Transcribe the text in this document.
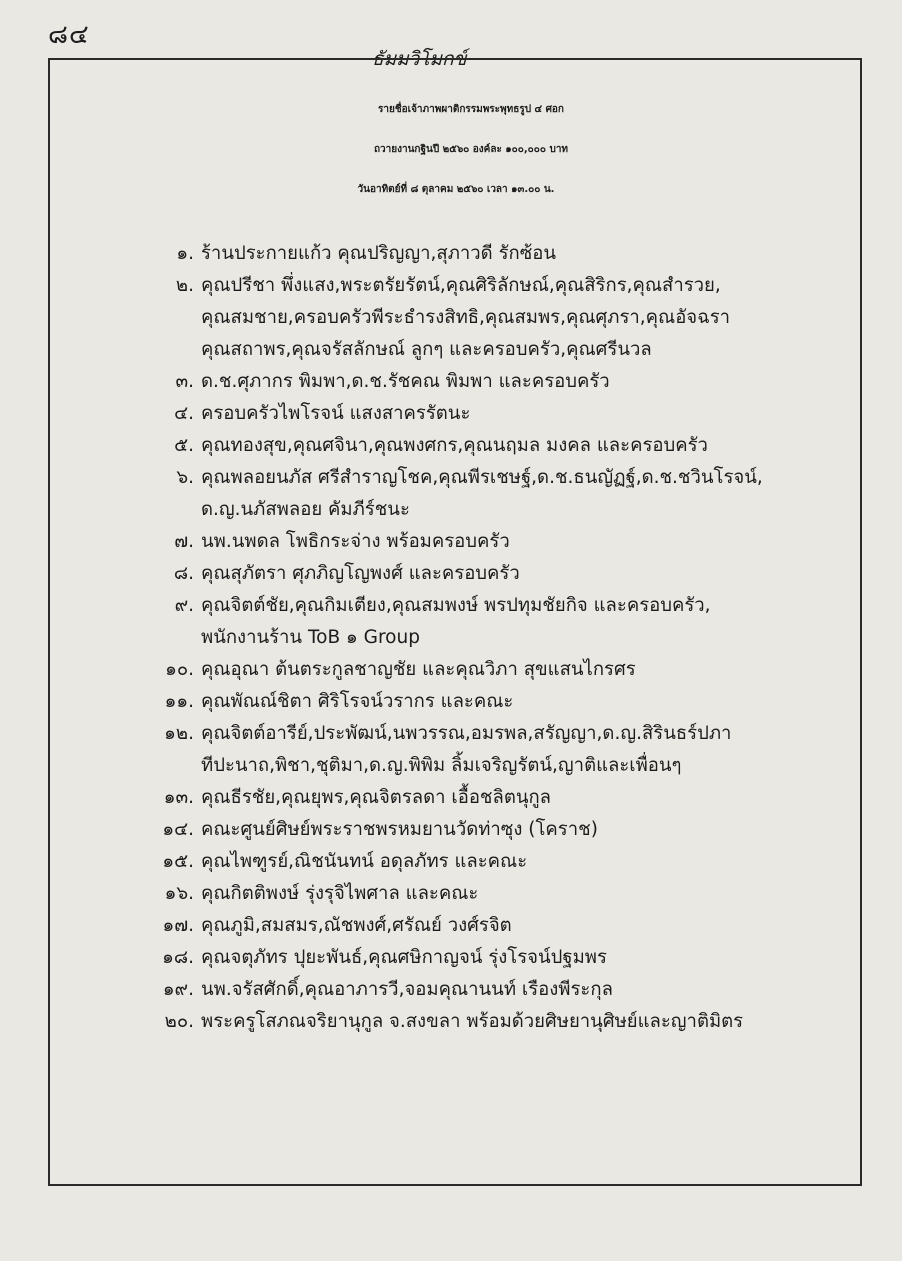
๘๔
ธัมมวิโมกข์
รายชื่อเจ้าภาพผาติกรรมพระพุทธรูป ๔ ศอก
ถวายงานกฐินปี ๒๕๖๐ องค์ละ ๑๐๐,๐๐๐ บาท
วันอาทิตย์ที่ ๘ ตุลาคม ๒๕๖๐ เวลา ๑๓.๐๐ น.
๑. ร้านประกายแก้ว คุณปริญญา,สุภาวดี รักซ้อน
๒. คุณปรีชา พึ่งแสง,พระตรัยรัตน์,คุณศิริลักษณ์,คุณสิริกร,คุณสำรวย,
คุณสมชาย,ครอบครัวพีระธำรงสิทธิ,คุณสมพร,คุณศุภรา,คุณอัจฉรา
คุณสถาพร,คุณจรัสลักษณ์ ลูกๆ และครอบครัว,คุณศรีนวล
๓. ด.ช.ศุภากร พิมพา,ด.ช.รัชคณ พิมพา และครอบครัว
๔. ครอบครัวไพโรจน์ แสงสาครรัตนะ
๕. คุณทองสุข,คุณศจินา,คุณพงศกร,คุณนฤมล มงคล และครอบครัว
๖. คุณพลอยนภัส ศรีสำราญโชค,คุณพีรเชษฐ์,ด.ช.ธนญัฏฐ์,ด.ช.ชวินโรจน์,
ด.ญ.นภัสพลอย คัมภีร์ชนะ
๗. นพ.นพดล โพธิกระจ่าง พร้อมครอบครัว
๘. คุณสุภัตรา ศุภภิญโญพงศ์ และครอบครัว
๙. คุณจิตต์ชัย,คุณกิมเตียง,คุณสมพงษ์ พรปทุมชัยกิจ และครอบครัว,
พนักงานร้าน ToB ๑ Group
๑๐. คุณอุณา ต้นตระกูลชาญชัย และคุณวิภา สุขแสนไกรศร
๑๑. คุณพัณณ์ชิตา ศิริโรจน์วรากร และคณะ
๑๒. คุณจิตต์อารีย์,ประพัฒน์,นพวรรณ,อมรพล,สรัญญา,ด.ญ.สิรินธร์ปภา
ทีปะนาถ,พิชา,ชุติมา,ด.ญ.พิพิม ลิ้มเจริญรัตน์,ญาติและเพื่อนๆ
๑๓. คุณธีรชัย,คุณยุพร,คุณจิตรลดา เอื้อชลิตนุกูล
๑๔. คณะศูนย์ศิษย์พระราชพรหมยานวัดท่าซุง (โคราช)
๑๕. คุณไพฑูรย์,ณิชนันทน์ อดุลภัทร และคณะ
๑๖. คุณกิตติพงษ์ รุ่งรุจิไพศาล และคณะ
๑๗. คุณภูมิ,สมสมร,ณัชพงศ์,ศรัณย์ วงศ์รจิต
๑๘. คุณจตุภัทร ปุยะพันธ์,คุณศษิกาญจน์ รุ่งโรจน์ปฐมพร
๑๙. นพ.จรัสศักดิ์,คุณอาภารวี,จอมคุณานนท์ เรืองพีระกุล
๒๐. พระครูโสภณจริยานุกูล จ.สงขลา พร้อมด้วยศิษยานุศิษย์และญาติมิตร
